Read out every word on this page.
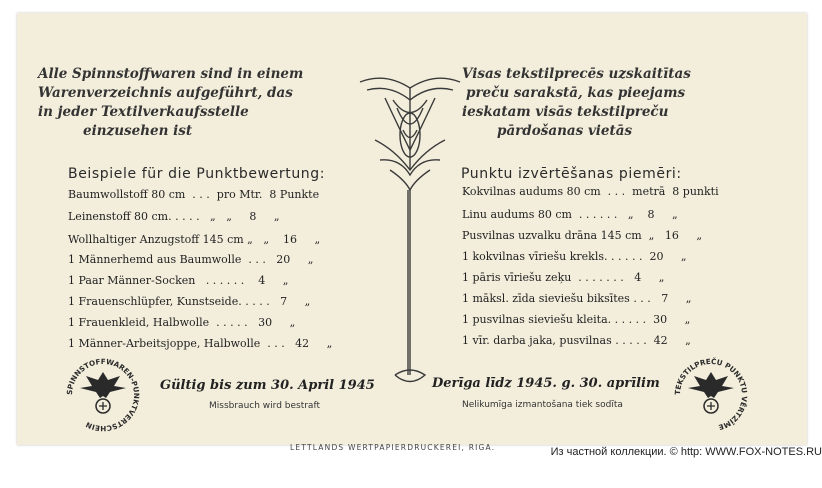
Alle Spinnstoffwaren sind in einem
Warenverzeichnis aufgeführt, das
in jeder Textilverkaufsstelle
einzusehen ist
Visas tekstilprecēs uzskaitītas
preču sarakstā, kas pieejams
ieskatam visās tekstilpreču
pārdošanas vietās
Beispiele für die Punktbewertung:	Punktu izvērtēšanas piemēri:
Baumwollstoff 80 cm  . . .  pro Mtr.  8 Punkte
Leinenstoff 80 cm. . . . .   „   „     8     „
Wollhaltiger Anzugstoff 145 cm „   „    16     „
1 Männerhemd aus Baumwolle  . . .   20     „
1 Paar Männer-Socken   . . . . . .    4     „
1 Frauenschlüpfer, Kunstseide. . . . .   7     „
1 Frauenkleid, Halbwolle  . . . . .   30     „
1 Männer-Arbeitsjoppe, Halbwolle  . . .   42     „
Kokvilnas audums 80 cm  . . .  metrā  8 punkti
Linu audums 80 cm  . . . . . .   „    8     „
Pusvilnas uzvalku drāna 145 cm  „   16     „
1 kokvilnas vīriešu krekls. . . . . .  20     „
1 pāris vīriešu zeķu  . . . . . . .   4     „
1 māksl. zīda sieviešu biksītes . . .   7     „
1 pusvilnas sieviešu kleita. . . . . .  30     „
1 vīr. darba jaka, pusvilnas . . . . .  42     „
SPINNSTOFFWAREN-PUNKTVERTSCHEIN
TEKSTILPREČU PUNKTU VĒRTZĪME
Gültig bis zum 30. April 1945	Derīga līdz 1945. g. 30. aprīlim
Missbrauch wird bestraft	Nelikumīga izmantošana tiek sodīta
LETTLANDS WERTPAPIERDRUCKEREI, RIGA.	Из частной коллекции. © http: WWW.FOX-NOTES.RU
